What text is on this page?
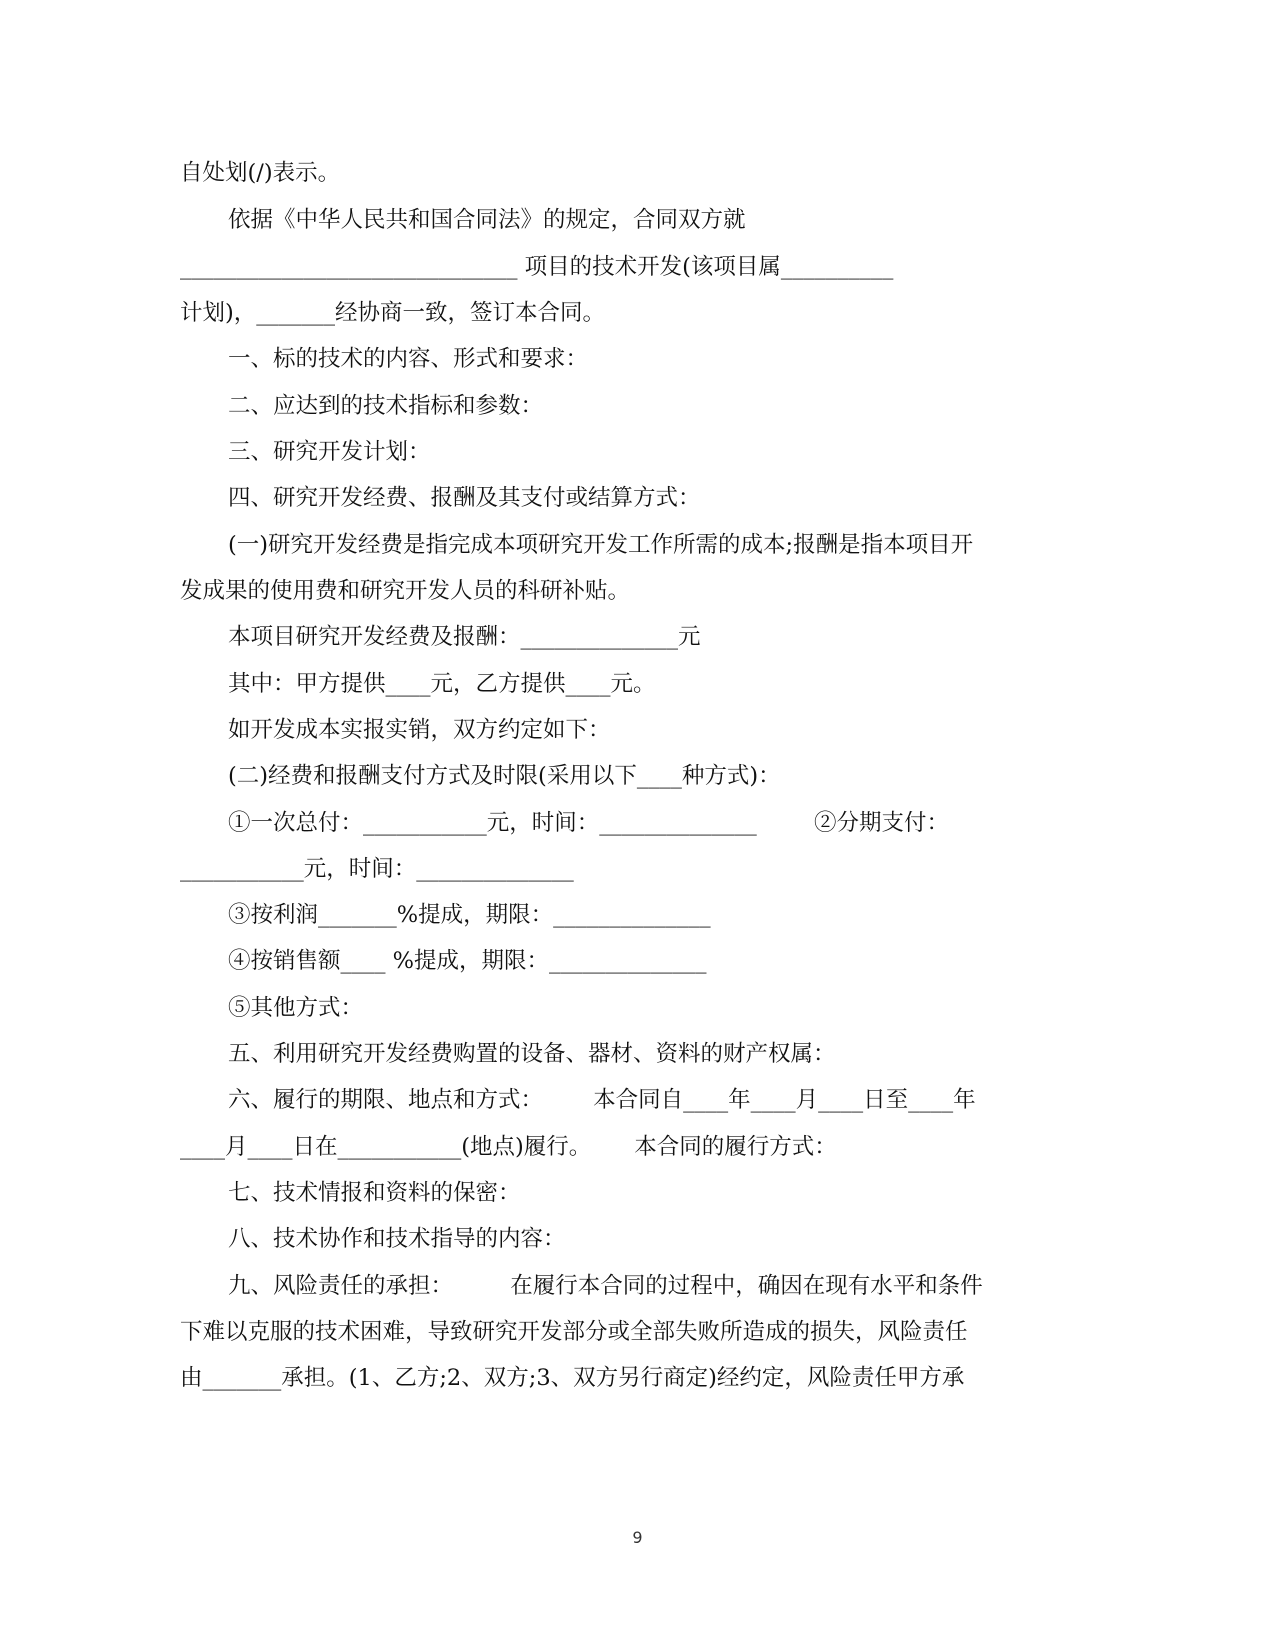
自处划(/)表示。
依据《中华人民共和国合同法》的规定，合同双方就
______________________________ 项目的技术开发(该项目属__________
计划)，_______经协商一致，签订本合同。
一、标的技术的内容、形式和要求：
二、应达到的技术指标和参数：
三、研究开发计划：
四、研究开发经费、报酬及其支付或结算方式：
(一)研究开发经费是指完成本项研究开发工作所需的成本;报酬是指本项目开
发成果的使用费和研究开发人员的科研补贴。
本项目研究开发经费及报酬：______________元
其中：甲方提供____元，乙方提供____元。
如开发成本实报实销，双方约定如下：
(二)经费和报酬支付方式及时限(采用以下____种方式)：
①一次总付：___________元，时间：______________        ②分期支付：
___________元，时间：______________
③按利润_______%提成，期限：______________
④按销售额____ %提成，期限：______________
⑤其他方式：
五、利用研究开发经费购置的设备、器材、资料的财产权属：
六、履行的期限、地点和方式：       本合同自____年____月____日至____年
____月____日在___________(地点)履行。      本合同的履行方式：
七、技术情报和资料的保密：
八、技术协作和技术指导的内容：
九、风险责任的承担：        在履行本合同的过程中，确因在现有水平和条件
下难以克服的技术困难，导致研究开发部分或全部失败所造成的损失，风险责任
由_______承担。(1、乙方;2、双方;3、双方另行商定)经约定，风险责任甲方承
9
